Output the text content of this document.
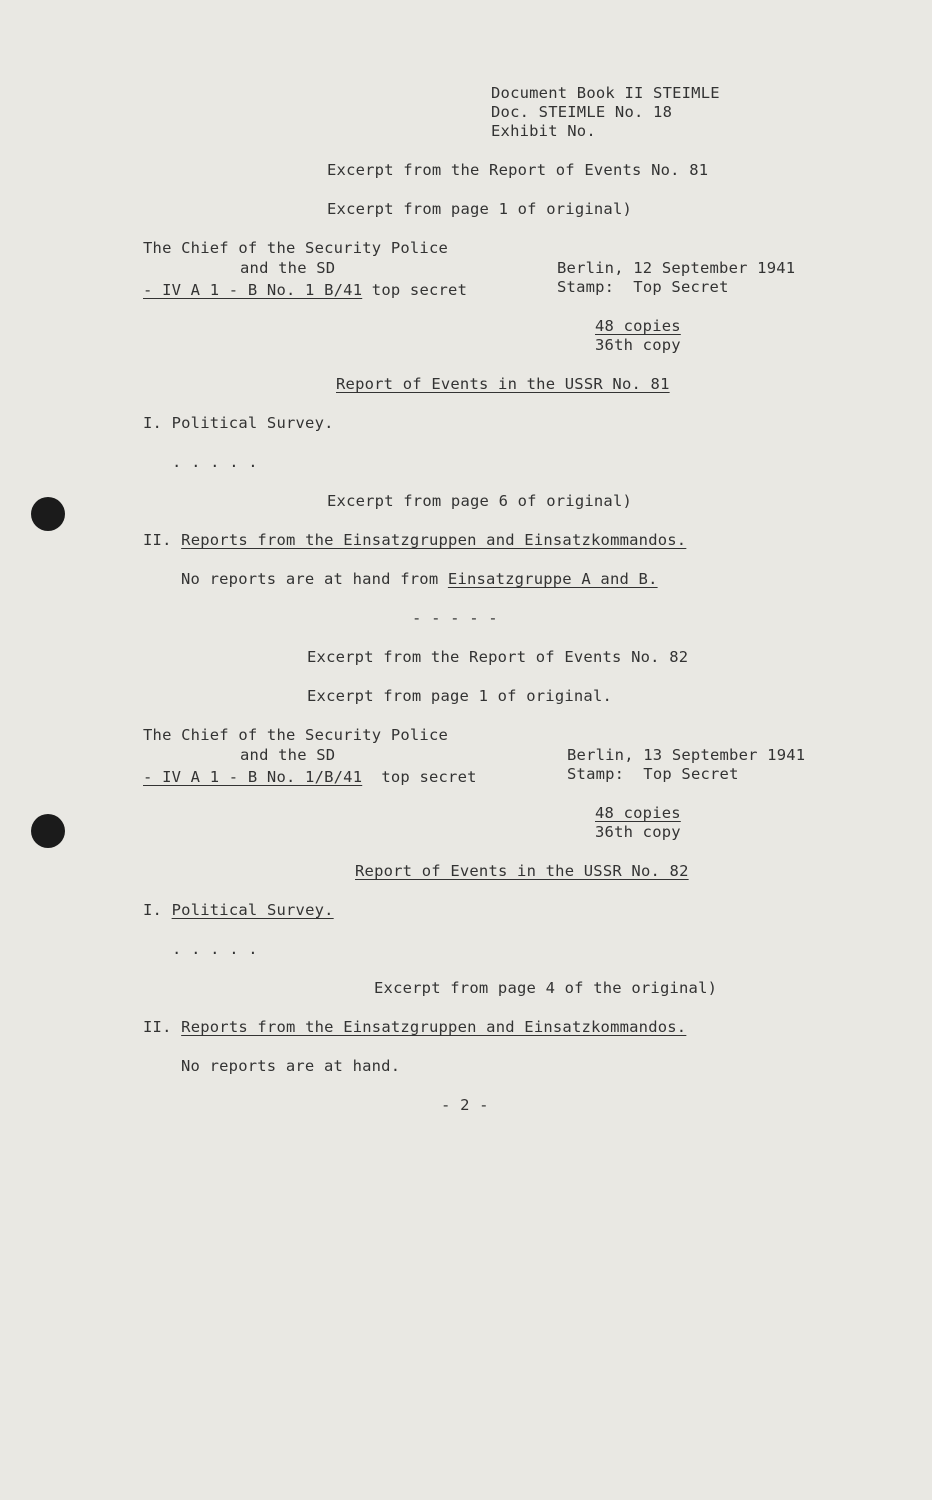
Document Book II STEIMLE
Doc. STEIMLE No. 18
Exhibit No.
Excerpt from the Report of Events No. 81
Excerpt from page 1 of original)
The Chief of the Security Police
and the SD
- IV A 1 - B No. 1 B/41 top secret
Berlin, 12 September 1941
Stamp: Top Secret
48 copies
36th copy
Report of Events in the USSR No. 81
I. Political Survey.
. . . . .
Excerpt from page 6 of original)
II. Reports from the Einsatzgruppen and Einsatzkommandos.
No reports are at hand from Einsatzgruppe A and B.
- - - - -
Excerpt from the Report of Events No. 82
Excerpt from page 1 of original.
The Chief of the Security Police
and the SD
- IV A 1 - B No. 1/B/41 top secret
Berlin, 13 September 1941
Stamp: Top Secret
48 copies
36th copy
Report of Events in the USSR No. 82
I. Political Survey.
. . . . .
Excerpt from page 4 of the original)
II. Reports from the Einsatzgruppen and Einsatzkommandos.
No reports are at hand.
- 2 -
